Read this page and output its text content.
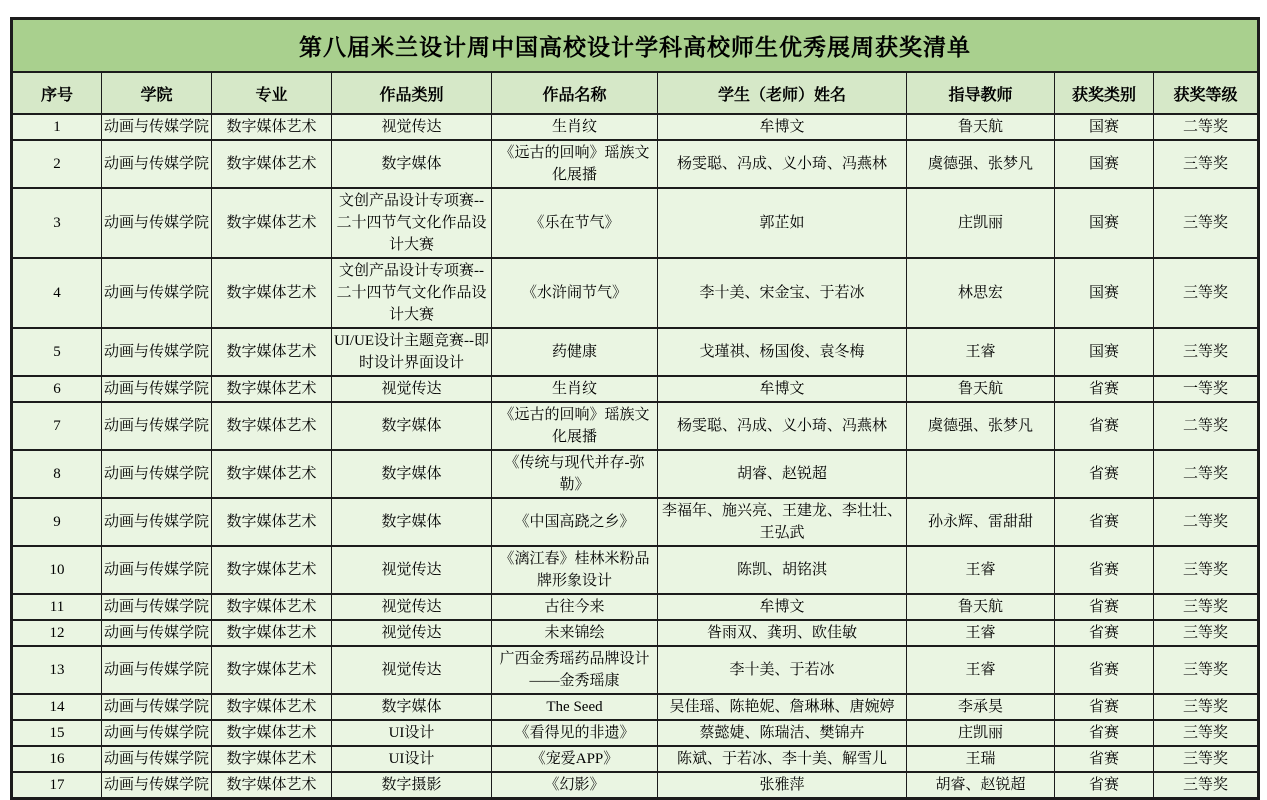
第八届米兰设计周中国高校设计学科高校师生优秀展周获奖清单								
序号	学院	专业	作品类别	作品名称	学生（老师）姓名	指导教师	获奖类别	获奖等级
1	动画与传媒学院	数字媒体艺术	视觉传达	生肖纹	牟博文	鲁天航	国赛	二等奖
2	动画与传媒学院	数字媒体艺术	数字媒体	《远古的回响》瑶族文化展播	杨雯聪、冯成、义小琦、冯燕林	虞德强、张梦凡	国赛	三等奖
3	动画与传媒学院	数字媒体艺术	文创产品设计专项赛--二十四节气文化作品设计大赛	《乐在节气》	郭芷如	庄凯丽	国赛	三等奖
4	动画与传媒学院	数字媒体艺术	文创产品设计专项赛--二十四节气文化作品设计大赛	《水浒闹节气》	李十美、宋金宝、于若冰	林思宏	国赛	三等奖
5	动画与传媒学院	数字媒体艺术	UI/UE设计主题竞赛--即时设计界面设计	药健康	戈瑾祺、杨国俊、袁冬梅	王睿	国赛	三等奖
6	动画与传媒学院	数字媒体艺术	视觉传达	生肖纹	牟博文	鲁天航	省赛	一等奖
7	动画与传媒学院	数字媒体艺术	数字媒体	《远古的回响》瑶族文化展播	杨雯聪、冯成、义小琦、冯燕林	虞德强、张梦凡	省赛	二等奖
8	动画与传媒学院	数字媒体艺术	数字媒体	《传统与现代并存-弥勒》	胡睿、赵锐超		省赛	二等奖
9	动画与传媒学院	数字媒体艺术	数字媒体	《中国高跷之乡》	李福年、施兴亮、王建龙、李壮壮、王弘武	孙永辉、雷甜甜	省赛	二等奖
10	动画与传媒学院	数字媒体艺术	视觉传达	《漓江春》桂林米粉品牌形象设计	陈凯、胡铭淇	王睿	省赛	三等奖
11	动画与传媒学院	数字媒体艺术	视觉传达	古往今来	牟博文	鲁天航	省赛	三等奖
12	动画与传媒学院	数字媒体艺术	视觉传达	未来锦绘	昝雨双、龚玥、欧佳敏	王睿	省赛	三等奖
13	动画与传媒学院	数字媒体艺术	视觉传达	广西金秀瑶药品牌设计——金秀瑶康	李十美、于若冰	王睿	省赛	三等奖
14	动画与传媒学院	数字媒体艺术	数字媒体	The Seed	吴佳瑶、陈艳妮、詹琳琳、唐婉婷	李承昊	省赛	三等奖
15	动画与传媒学院	数字媒体艺术	UI设计	《看得见的非遗》	蔡懿婕、陈瑞洁、樊锦卉	庄凯丽	省赛	三等奖
16	动画与传媒学院	数字媒体艺术	UI设计	《宠爱APP》	陈斌、于若冰、李十美、解雪儿	王瑞	省赛	三等奖
17	动画与传媒学院	数字媒体艺术	数字摄影	《幻影》	张雅萍	胡睿、赵锐超	省赛	三等奖
